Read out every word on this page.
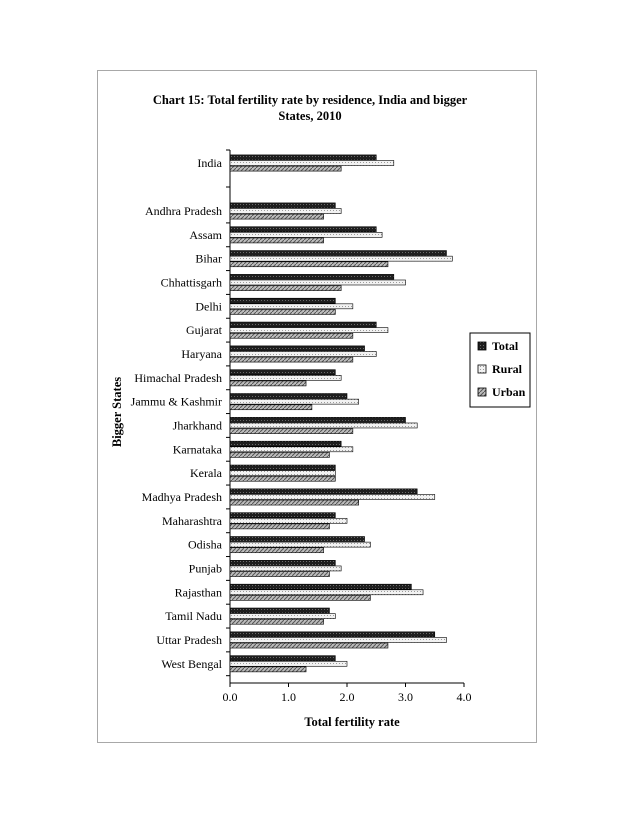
Chart 15: Total fertility rate by residence, India and bigger
States, 2010
0.0	1.0	2.0	3.0	4.0
India
Andhra Pradesh
Assam
Bihar
Chhattisgarh
Delhi
Gujarat
Haryana
Himachal Pradesh
Jammu & Kashmir
Jharkhand
Karnataka
Kerala
Madhya Pradesh
Maharashtra
Odisha
Punjab
Rajasthan
Tamil Nadu
Uttar Pradesh
West Bengal
Total fertility rate
Bigger States
Total
Rural
Urban
